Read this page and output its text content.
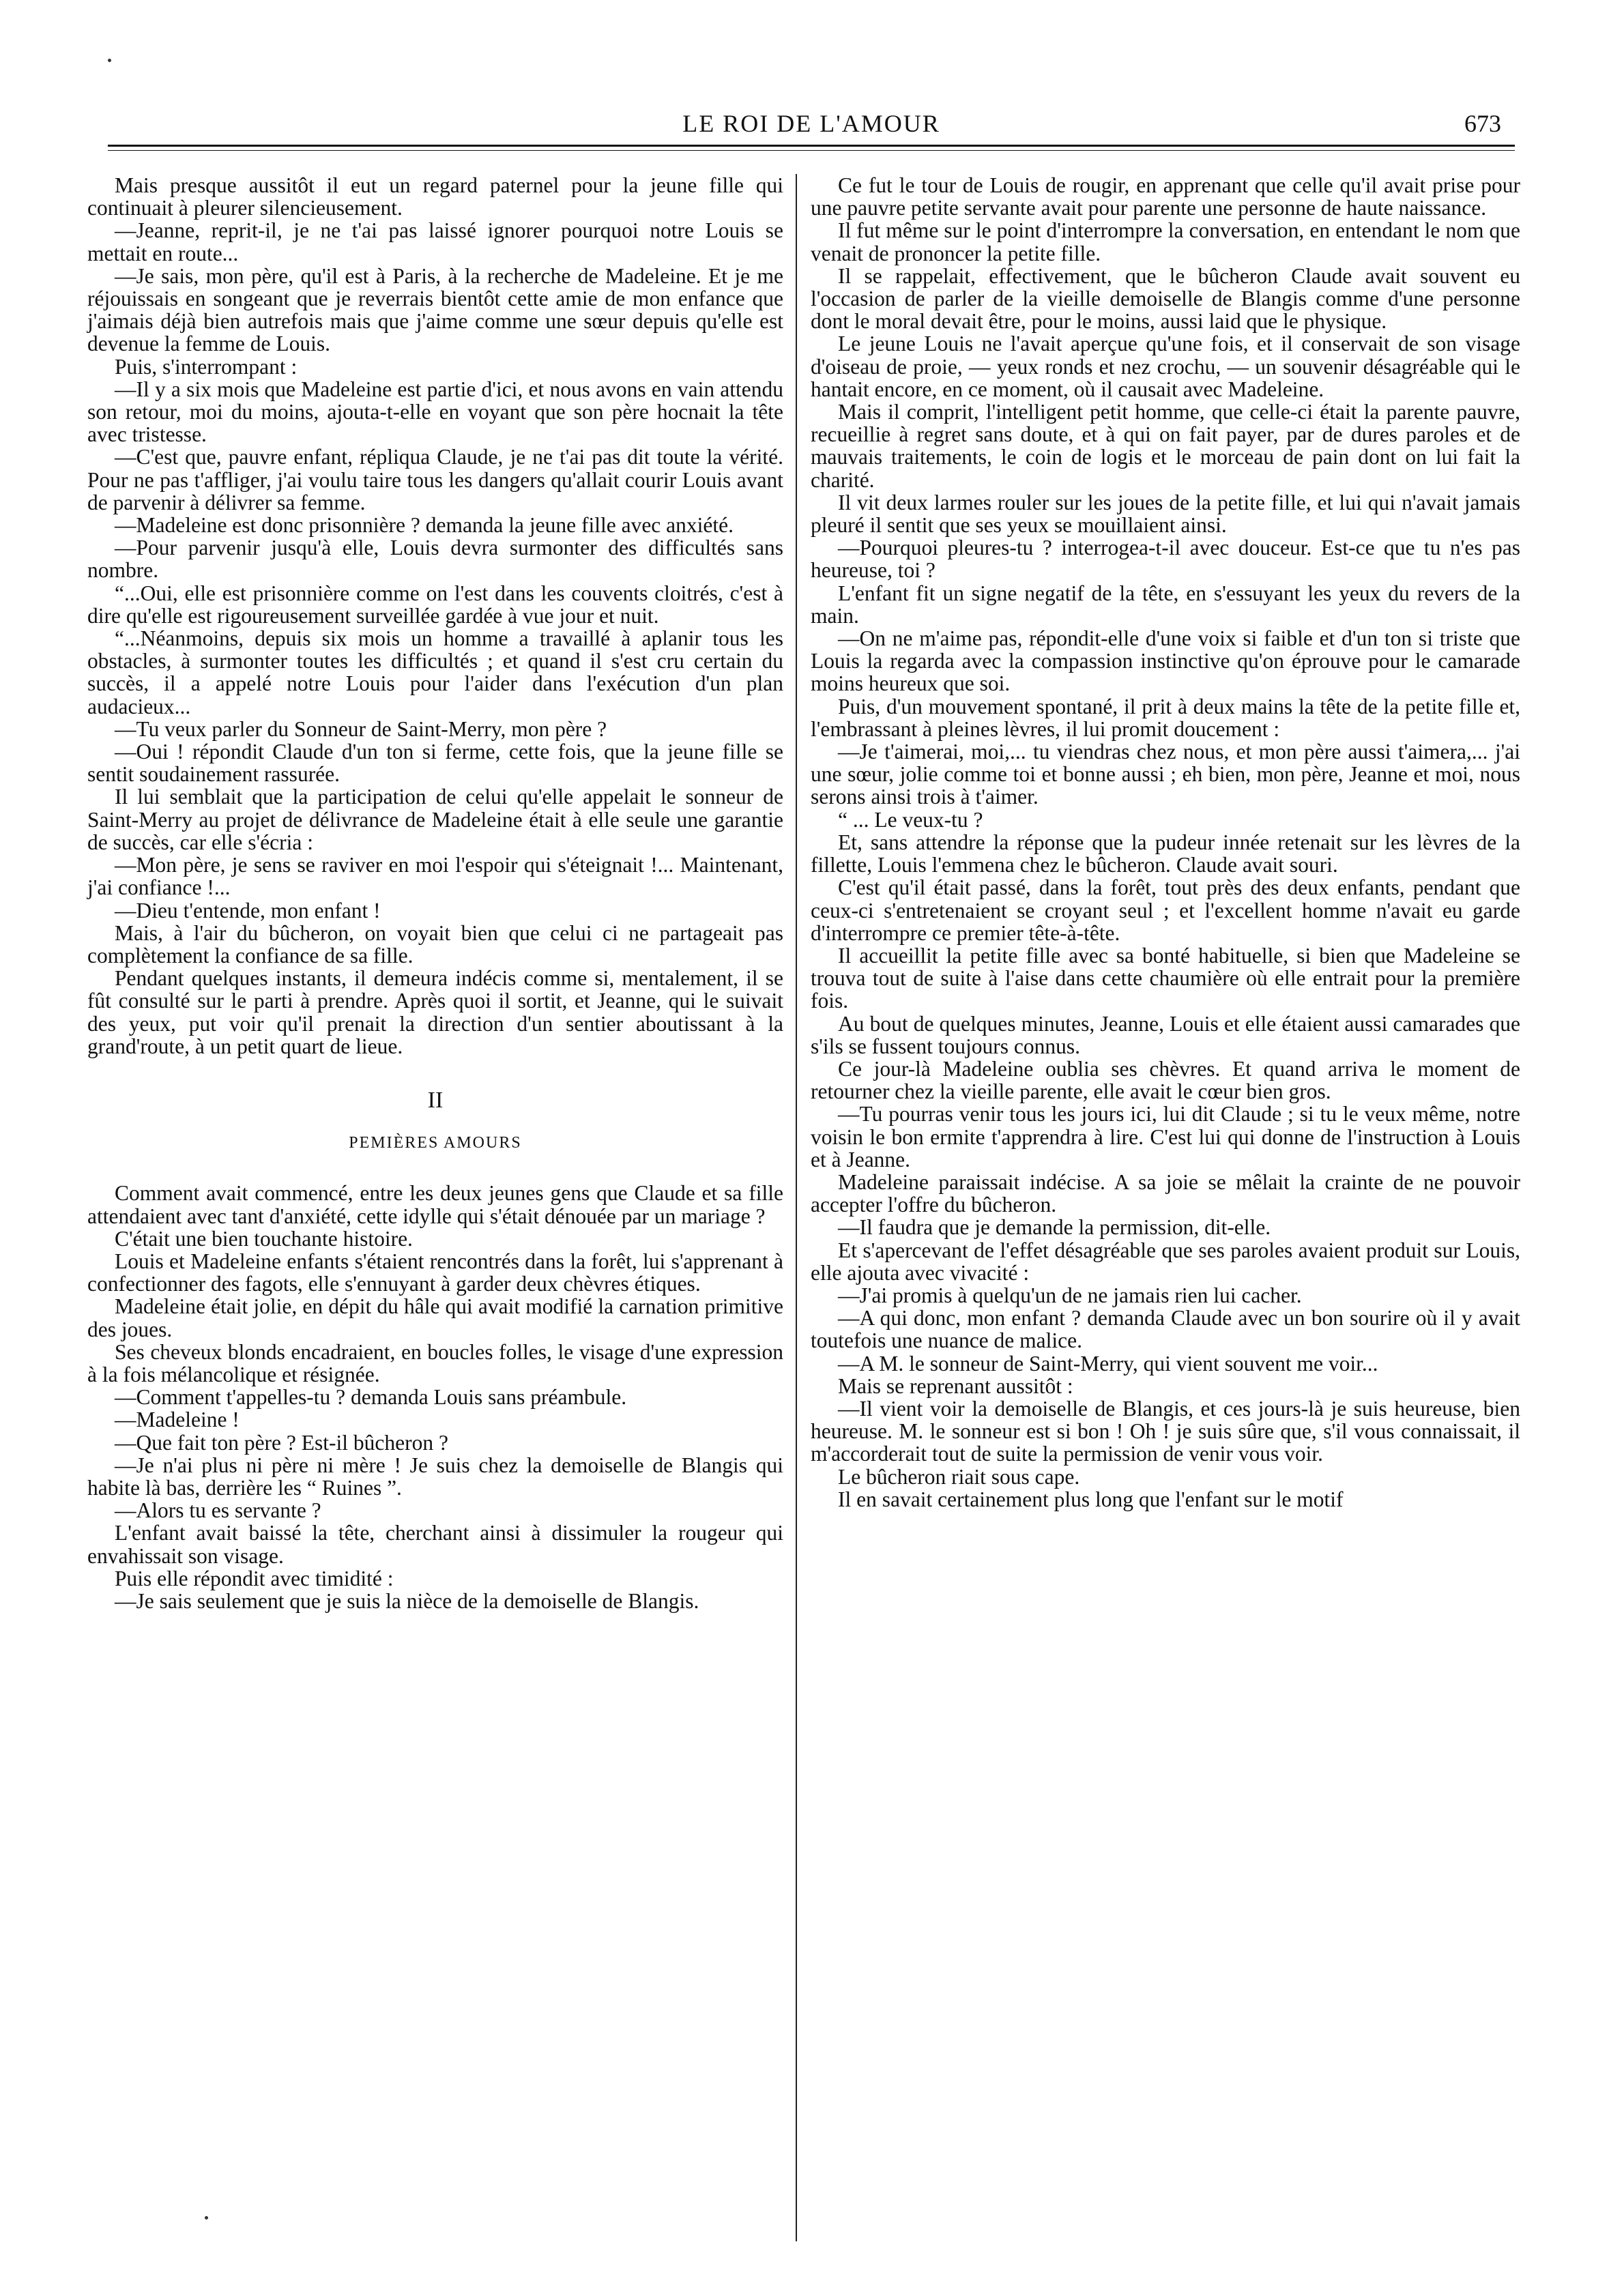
LE ROI DE L'AMOUR	673

Mais presque aussitôt il eut un regard paternel pour la jeune fille qui continuait à pleurer silencieusement.

—Jeanne, reprit-il, je ne t'ai pas laissé ignorer pourquoi notre Louis se mettait en route...

—Je sais, mon père, qu'il est à Paris, à la recherche de Madeleine. Et je me réjouissais en songeant que je reverrais bientôt cette amie de mon enfance que j'aimais déjà bien autrefois mais que j'aime comme une sœur depuis qu'elle est devenue la femme de Louis.

Puis, s'interrompant :

—Il y a six mois que Madeleine est partie d'ici, et nous avons en vain attendu son retour, moi du moins, ajouta-t-elle en voyant que son père hocnait la tête avec tristesse.

—C'est que, pauvre enfant, répliqua Claude, je ne t'ai pas dit toute la vérité. Pour ne pas t'affliger, j'ai voulu taire tous les dangers qu'allait courir Louis avant de parvenir à délivrer sa femme.

—Madeleine est donc prisonnière ? demanda la jeune fille avec anxiété.

—Pour parvenir jusqu'à elle, Louis devra surmonter des difficultés sans nombre.

“...Oui, elle est prisonnière comme on l'est dans les couvents cloitrés, c'est à dire qu'elle est rigoureusement surveillée gardée à vue jour et nuit.

“...Néanmoins, depuis six mois un homme a travaillé à aplanir tous les obstacles, à surmonter toutes les difficultés ; et quand il s'est cru certain du succès, il a appelé notre Louis pour l'aider dans l'exécution d'un plan audacieux...

—Tu veux parler du Sonneur de Saint-Merry, mon père ?

—Oui ! répondit Claude d'un ton si ferme, cette fois, que la jeune fille se sentit soudainement rassurée.

Il lui semblait que la participation de celui qu'elle appelait le sonneur de Saint-Merry au projet de délivrance de Madeleine était à elle seule une garantie de succès, car elle s'écria :

—Mon père, je sens se raviver en moi l'espoir qui s'éteignait !... Maintenant, j'ai confiance !...

—Dieu t'entende, mon enfant !

Mais, à l'air du bûcheron, on voyait bien que celui ci ne partageait pas complètement la confiance de sa fille.

Pendant quelques instants, il demeura indécis comme si, mentalement, il se fût consulté sur le parti à prendre. Après quoi il sortit, et Jeanne, qui le suivait des yeux, put voir qu'il prenait la direction d'un sentier aboutissant à la grand'route, à un petit quart de lieue.

II
PEMIÈRES AMOURS

Comment avait commencé, entre les deux jeunes gens que Claude et sa fille attendaient avec tant d'anxiété, cette idylle qui s'était dénouée par un mariage ?

C'était une bien touchante histoire.

Louis et Madeleine enfants s'étaient rencontrés dans la forêt, lui s'apprenant à confectionner des fagots, elle s'ennuyant à garder deux chèvres étiques.

Madeleine était jolie, en dépit du hâle qui avait modifié la carnation primitive des joues.

Ses cheveux blonds encadraient, en boucles folles, le visage d'une expression à la fois mélancolique et résignée.

—Comment t'appelles-tu ? demanda Louis sans préambule.

—Madeleine !

—Que fait ton père ? Est-il bûcheron ?

—Je n'ai plus ni père ni mère ! Je suis chez la demoiselle de Blangis qui habite là bas, derrière les “ Ruines ”.

—Alors tu es servante ?

L'enfant avait baissé la tête, cherchant ainsi à dissimuler la rougeur qui envahissait son visage.

Puis elle répondit avec timidité :

—Je sais seulement que je suis la nièce de la demoiselle de Blangis.

Ce fut le tour de Louis de rougir, en apprenant que celle qu'il avait prise pour une pauvre petite servante avait pour parente une personne de haute naissance.

Il fut même sur le point d'interrompre la conversation, en entendant le nom que venait de prononcer la petite fille.

Il se rappelait, effectivement, que le bûcheron Claude avait souvent eu l'occasion de parler de la vieille demoiselle de Blangis comme d'une personne dont le moral devait être, pour le moins, aussi laid que le physique.

Le jeune Louis ne l'avait aperçue qu'une fois, et il conservait de son visage d'oiseau de proie, — yeux ronds et nez crochu, — un souvenir désagréable qui le hantait encore, en ce moment, où il causait avec Madeleine.

Mais il comprit, l'intelligent petit homme, que celle-ci était la parente pauvre, recueillie à regret sans doute, et à qui on fait payer, par de dures paroles et de mauvais traitements, le coin de logis et le morceau de pain dont on lui fait la charité.

Il vit deux larmes rouler sur les joues de la petite fille, et lui qui n'avait jamais pleuré il sentit que ses yeux se mouillaient ainsi.

—Pourquoi pleures-tu ? interrogea-t-il avec douceur. Est-ce que tu n'es pas heureuse, toi ?

L'enfant fit un signe negatif de la tête, en s'essuyant les yeux du revers de la main.

—On ne m'aime pas, répondit-elle d'une voix si faible et d'un ton si triste que Louis la regarda avec la compassion instinctive qu'on éprouve pour le camarade moins heureux que soi.

Puis, d'un mouvement spontané, il prit à deux mains la tête de la petite fille et, l'embrassant à pleines lèvres, il lui promit doucement :

—Je t'aimerai, moi,... tu viendras chez nous, et mon père aussi t'aimera,... j'ai une sœur, jolie comme toi et bonne aussi ; eh bien, mon père, Jeanne et moi, nous serons ainsi trois à t'aimer.

“ ... Le veux-tu ?

Et, sans attendre la réponse que la pudeur innée retenait sur les lèvres de la fillette, Louis l'emmena chez le bûcheron. Claude avait souri.

C'est qu'il était passé, dans la forêt, tout près des deux enfants, pendant que ceux-ci s'entretenaient se croyant seul ; et l'excellent homme n'avait eu garde d'interrompre ce premier tête-à-tête.

Il accueillit la petite fille avec sa bonté habituelle, si bien que Madeleine se trouva tout de suite à l'aise dans cette chaumière où elle entrait pour la première fois.

Au bout de quelques minutes, Jeanne, Louis et elle étaient aussi camarades que s'ils se fussent toujours connus.

Ce jour-là Madeleine oublia ses chèvres. Et quand arriva le moment de retourner chez la vieille parente, elle avait le cœur bien gros.

—Tu pourras venir tous les jours ici, lui dit Claude ; si tu le veux même, notre voisin le bon ermite t'apprendra à lire. C'est lui qui donne de l'instruction à Louis et à Jeanne.

Madeleine paraissait indécise. A sa joie se mêlait la crainte de ne pouvoir accepter l'offre du bûcheron.

—Il faudra que je demande la permission, dit-elle.

Et s'apercevant de l'effet désagréable que ses paroles avaient produit sur Louis, elle ajouta avec vivacité :

—J'ai promis à quelqu'un de ne jamais rien lui cacher.

—A qui donc, mon enfant ? demanda Claude avec un bon sourire où il y avait toutefois une nuance de malice.

—A M. le sonneur de Saint-Merry, qui vient souvent me voir...

Mais se reprenant aussitôt :

—Il vient voir la demoiselle de Blangis, et ces jours-là je suis heureuse, bien heureuse. M. le sonneur est si bon ! Oh ! je suis sûre que, s'il vous connaissait, il m'accorderait tout de suite la permission de venir vous voir.

Le bûcheron riait sous cape.

Il en savait certainement plus long que l'enfant sur le motif
